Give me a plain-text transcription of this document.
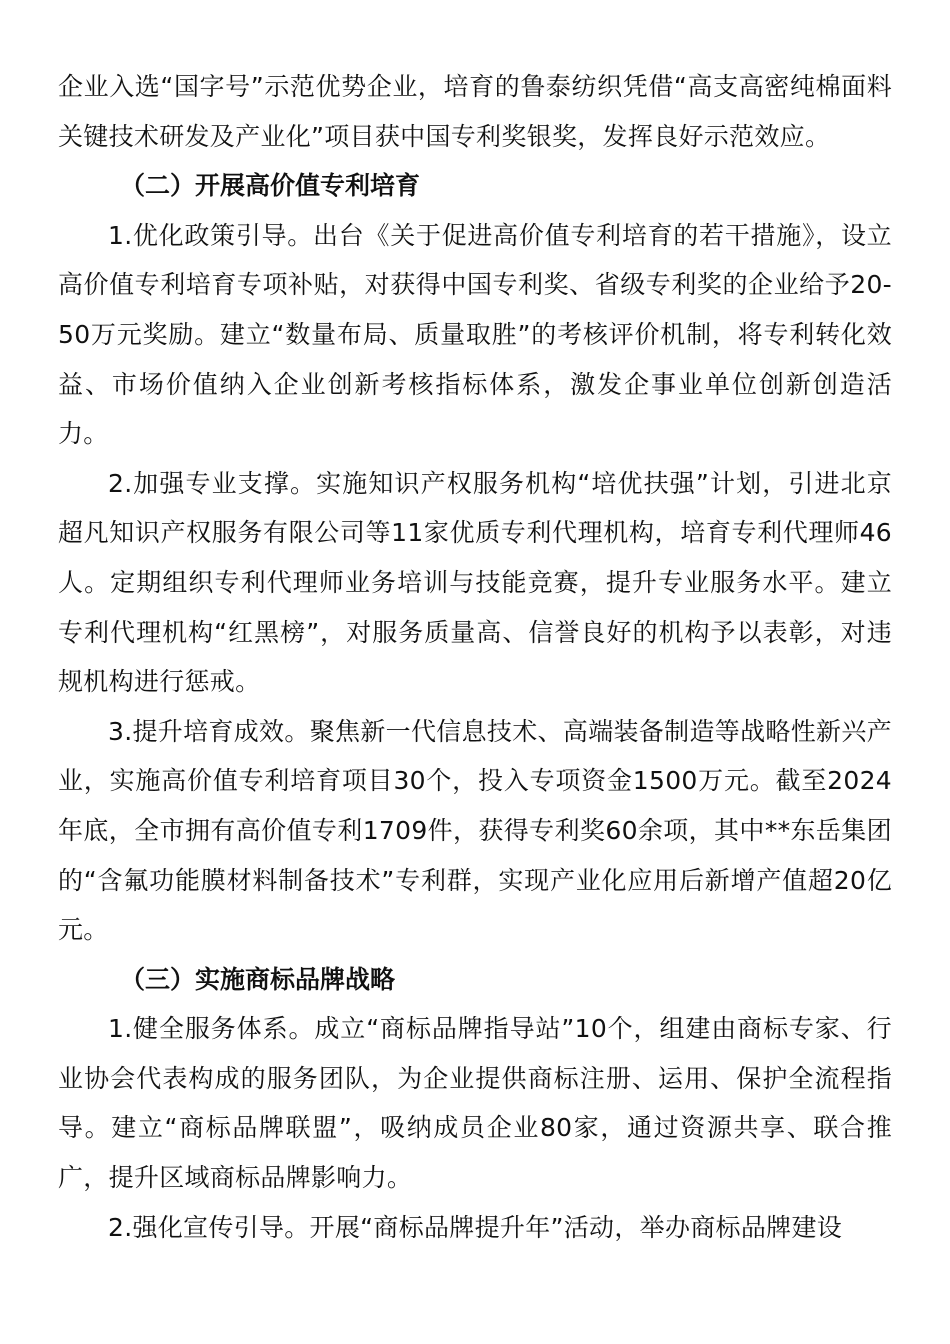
企业入选“国字号”示范优势企业，培育的鲁泰纺织凭借“高支高密纯棉面料关键技术研发及产业化”项目获中国专利奖银奖，发挥良好示范效应。

（二）开展高价值专利培育

1.优化政策引导。出台《关于促进高价值专利培育的若干措施》，设立高价值专利培育专项补贴，对获得中国专利奖、省级专利奖的企业给予20-50万元奖励。建立“数量布局、质量取胜”的考核评价机制，将专利转化效益、市场价值纳入企业创新考核指标体系，激发企事业单位创新创造活力。

2.加强专业支撑。实施知识产权服务机构“培优扶强”计划，引进北京超凡知识产权服务有限公司等11家优质专利代理机构，培育专利代理师46人。定期组织专利代理师业务培训与技能竞赛，提升专业服务水平。建立专利代理机构“红黑榜”，对服务质量高、信誉良好的机构予以表彰，对违规机构进行惩戒。

3.提升培育成效。聚焦新一代信息技术、高端装备制造等战略性新兴产业，实施高价值专利培育项目30个，投入专项资金1500万元。截至2024年底，全市拥有高价值专利1709件，获得专利奖60余项，其中**东岳集团的“含氟功能膜材料制备技术”专利群，实现产业化应用后新增产值超20亿元。

（三）实施商标品牌战略

1.健全服务体系。成立“商标品牌指导站”10个，组建由商标专家、行业协会代表构成的服务团队，为企业提供商标注册、运用、保护全流程指导。建立“商标品牌联盟”，吸纳成员企业80家，通过资源共享、联合推广，提升区域商标品牌影响力。

2.强化宣传引导。开展“商标品牌提升年”活动，举办商标品牌建设
